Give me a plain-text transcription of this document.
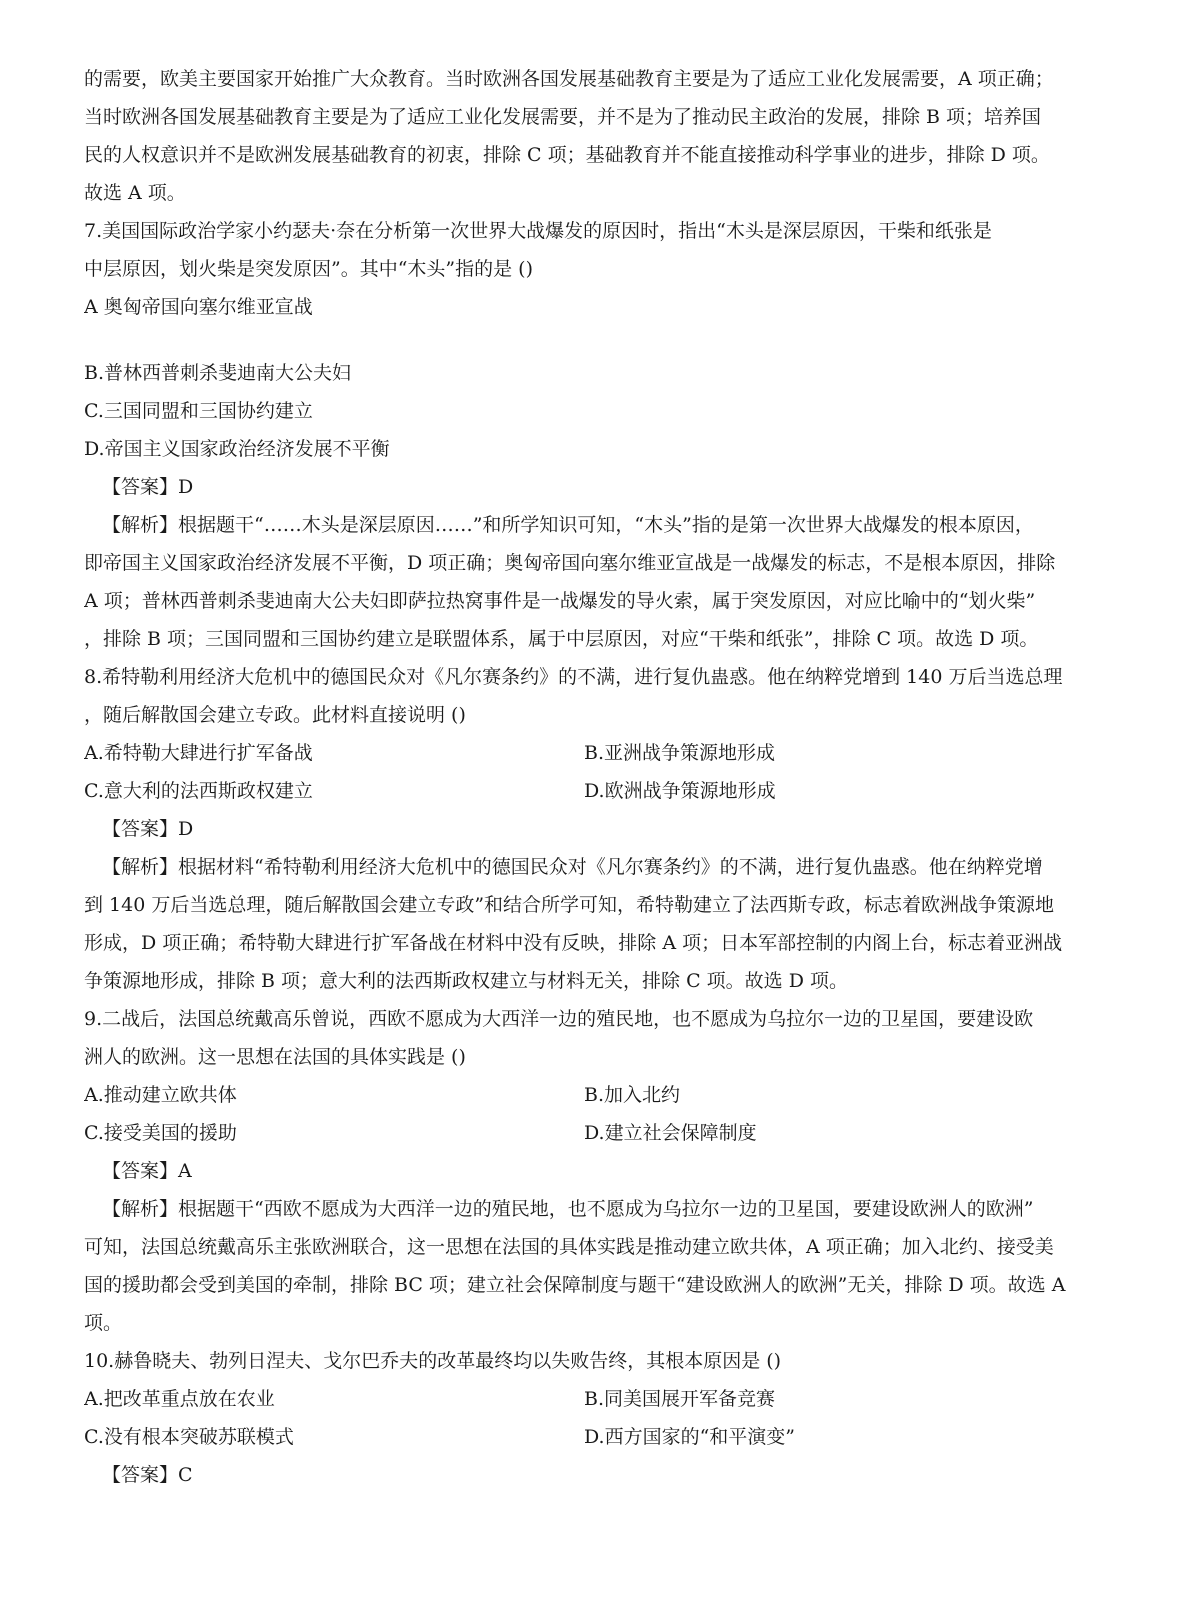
的需要，欧美主要国家开始推广大众教育。当时欧洲各国发展基础教育主要是为了适应工业化发展需要，A 项正确；
当时欧洲各国发展基础教育主要是为了适应工业化发展需要，并不是为了推动民主政治的发展，排除 B 项；培养国
民的人权意识并不是欧洲发展基础教育的初衷，排除 C 项；基础教育并不能直接推动科学事业的进步，排除 D 项。
故选 A 项。
7.美国国际政治学家小约瑟夫·奈在分析第一次世界大战爆发的原因时，指出“木头是深层原因，干柴和纸张是
中层原因，划火柴是突发原因”。其中“木头”指的是 ()
A 奥匈帝国向塞尔维亚宣战
B.普林西普刺杀斐迪南大公夫妇
C.三国同盟和三国协约建立
D.帝国主义国家政治经济发展不平衡
【答案】D
【解析】根据题干“……木头是深层原因……”和所学知识可知，“木头”指的是第一次世界大战爆发的根本原因，
即帝国主义国家政治经济发展不平衡，D 项正确；奥匈帝国向塞尔维亚宣战是一战爆发的标志，不是根本原因，排除
A 项；普林西普刺杀斐迪南大公夫妇即萨拉热窝事件是一战爆发的导火索，属于突发原因，对应比喻中的“划火柴”
，排除 B 项；三国同盟和三国协约建立是联盟体系，属于中层原因，对应“干柴和纸张”，排除 C 项。故选 D 项。
8.希特勒利用经济大危机中的德国民众对《凡尔赛条约》的不满，进行复仇蛊惑。他在纳粹党增到 140 万后当选总理
，随后解散国会建立专政。此材料直接说明 ()
A.希特勒大肆进行扩军备战	B.亚洲战争策源地形成
C.意大利的法西斯政权建立	D.欧洲战争策源地形成
【答案】D
【解析】根据材料“希特勒利用经济大危机中的德国民众对《凡尔赛条约》的不满，进行复仇蛊惑。他在纳粹党增
到 140 万后当选总理，随后解散国会建立专政”和结合所学可知，希特勒建立了法西斯专政，标志着欧洲战争策源地
形成，D 项正确；希特勒大肆进行扩军备战在材料中没有反映，排除 A 项；日本军部控制的内阁上台，标志着亚洲战
争策源地形成，排除 B 项；意大利的法西斯政权建立与材料无关，排除 C 项。故选 D 项。
9.二战后，法国总统戴高乐曾说，西欧不愿成为大西洋一边的殖民地，也不愿成为乌拉尔一边的卫星国，要建设欧
洲人的欧洲。这一思想在法国的具体实践是 ()
A.推动建立欧共体	B.加入北约
C.接受美国的援助	D.建立社会保障制度
【答案】A
【解析】根据题干“西欧不愿成为大西洋一边的殖民地，也不愿成为乌拉尔一边的卫星国，要建设欧洲人的欧洲”
可知，法国总统戴高乐主张欧洲联合，这一思想在法国的具体实践是推动建立欧共体，A 项正确；加入北约、接受美
国的援助都会受到美国的牵制，排除 BC 项；建立社会保障制度与题干“建设欧洲人的欧洲”无关，排除 D 项。故选 A
项。
10.赫鲁晓夫、勃列日涅夫、戈尔巴乔夫的改革最终均以失败告终，其根本原因是 ()
A.把改革重点放在农业	B.同美国展开军备竞赛
C.没有根本突破苏联模式	D.西方国家的“和平演变”
【答案】C
